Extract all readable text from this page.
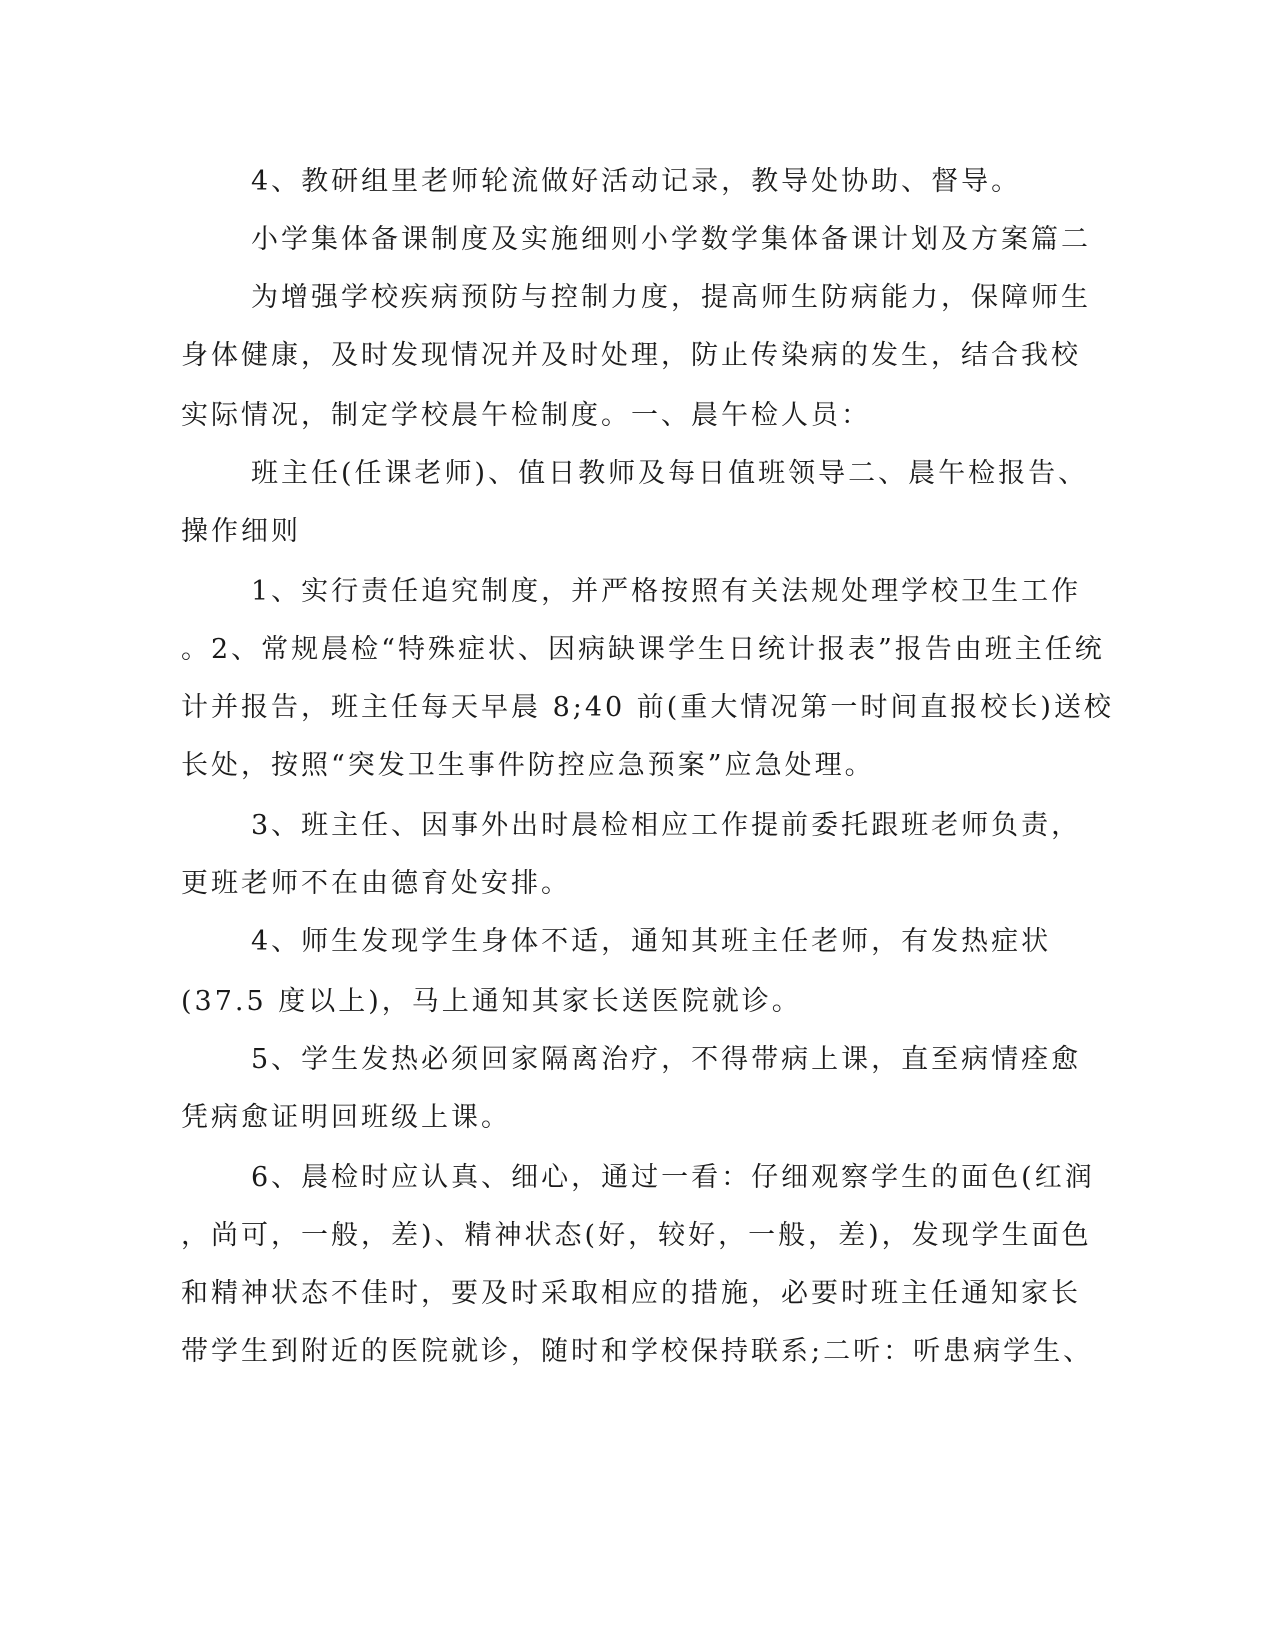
4、教研组里老师轮流做好活动记录，教导处协助、督导。
小学集体备课制度及实施细则小学数学集体备课计划及方案篇二
为增强学校疾病预防与控制力度，提高师生防病能力，保障师生
身体健康，及时发现情况并及时处理，防止传染病的发生，结合我校
实际情况，制定学校晨午检制度。一、晨午检人员：
班主任(任课老师)、值日教师及每日值班领导二、晨午检报告、
操作细则
1、实行责任追究制度，并严格按照有关法规处理学校卫生工作
。2、常规晨检“特殊症状、因病缺课学生日统计报表”报告由班主任统
计并报告，班主任每天早晨 8;40 前(重大情况第一时间直报校长)送校
长处，按照“突发卫生事件防控应急预案”应急处理。
3、班主任、因事外出时晨检相应工作提前委托跟班老师负责，
更班老师不在由德育处安排。
4、师生发现学生身体不适，通知其班主任老师，有发热症状
(37.5 度以上)，马上通知其家长送医院就诊。
5、学生发热必须回家隔离治疗，不得带病上课，直至病情痊愈
凭病愈证明回班级上课。
6、晨检时应认真、细心，通过一看：仔细观察学生的面色(红润
，尚可，一般，差)、精神状态(好，较好，一般，差)，发现学生面色
和精神状态不佳时，要及时采取相应的措施，必要时班主任通知家长
带学生到附近的医院就诊，随时和学校保持联系;二听：听患病学生、
